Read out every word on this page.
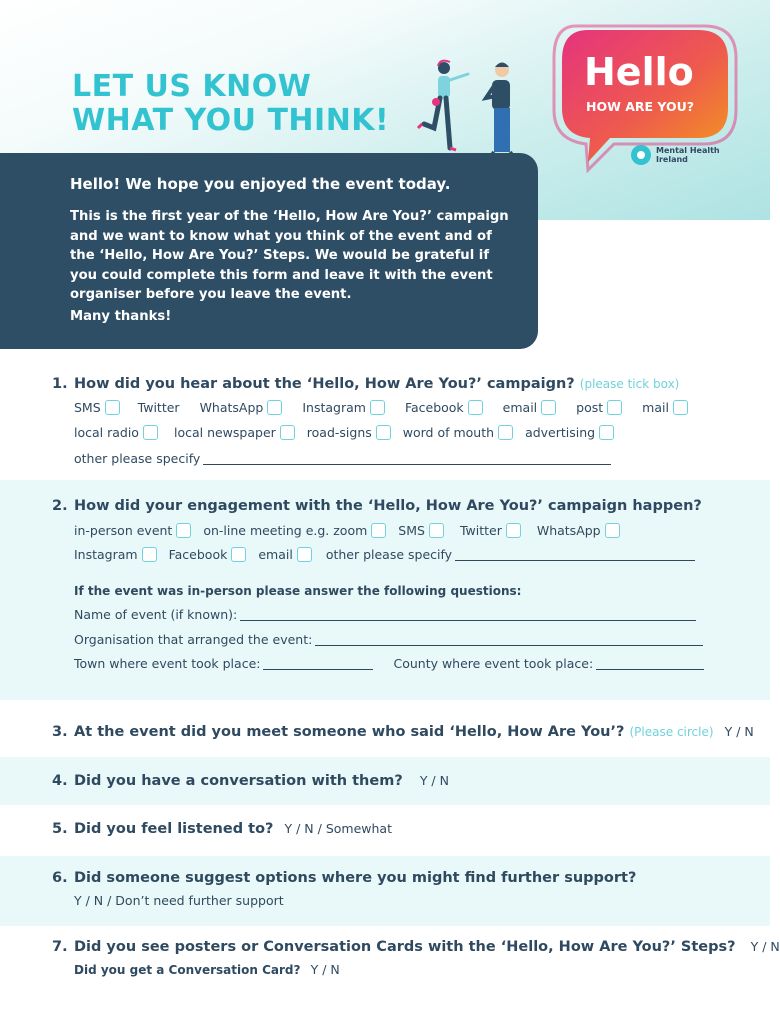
LET US KNOW
WHAT YOU THINK!
Hello
HOW ARE YOU?
Mental Health Ireland

Hello! We hope you enjoyed the event today.

This is the first year of the ‘Hello, How Are You?’ campaign and we want to know what you think of the event and of the ‘Hello, How Are You?’ Steps. We would be grateful if you could complete this form and leave it with the event organiser before you leave the event.

Many thanks!

1. How did you hear about the ‘Hello, How Are You?’ campaign? (please tick box)
SMS	Twitter WhatsApp	Instagram	Facebook	email	post	mail
local radio	local newspaper road-signs word of mouth advertising
other please specify
2. How did your engagement with the ‘Hello, How Are You?’ campaign happen?
in-person event on-line meeting e.g. zoom SMS	Twitter	WhatsApp
Instagram Facebook email	other please specify
If the event was in-person please answer the following questions:
Name of event (if known):
Organisation that arranged the event:
Town where event took place:	County where event took place:
3. At the event did you meet someone who said ‘Hello, How Are You’? (Please circle) Y / N
4. Did you have a conversation with them? Y / N
5. Did you feel listened to? Y / N / Somewhat
6. Did someone suggest options where you might find further support?
Y / N / Don’t need further support
7. Did you see posters or Conversation Cards with the ‘Hello, How Are You?’ Steps? Y / N
Did you get a Conversation Card? Y / N
